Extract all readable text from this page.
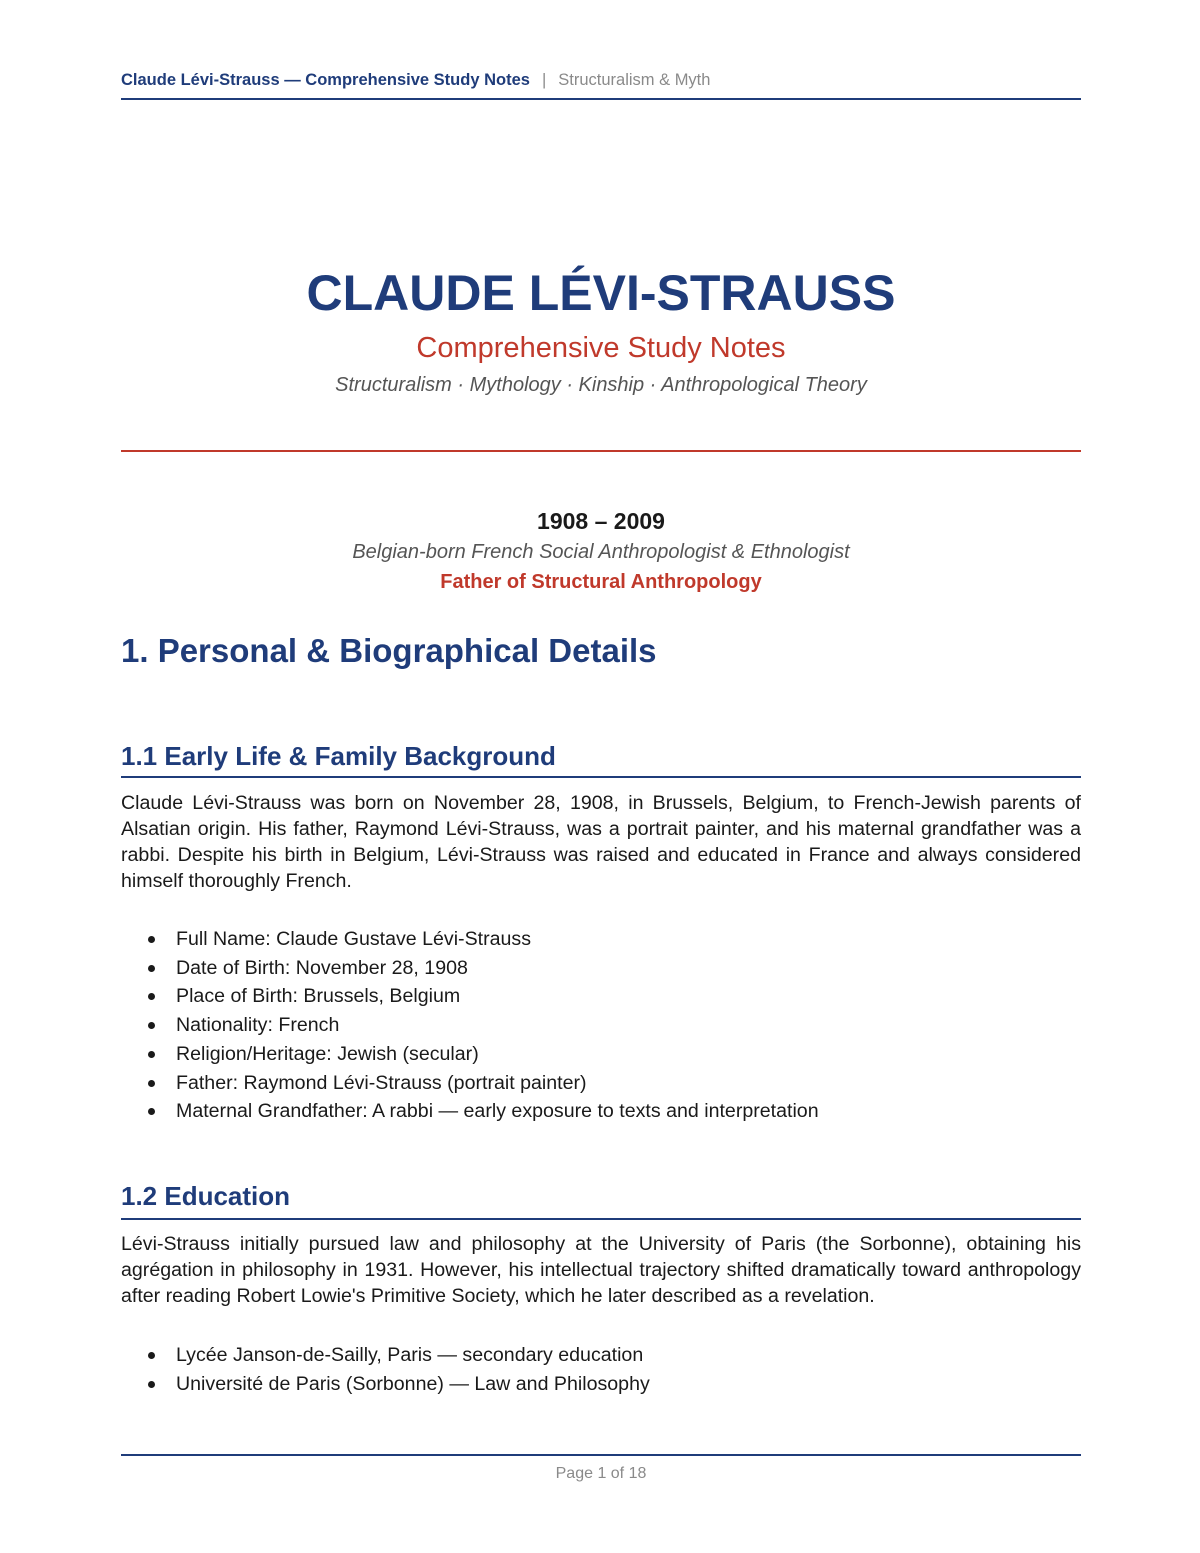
Claude Lévi-Strauss — Comprehensive Study Notes | Structuralism & Myth
CLAUDE LÉVI-STRAUSS

Comprehensive Study Notes

Structuralism · Mythology · Kinship · Anthropological Theory

1908 – 2009
Belgian-born French Social Anthropologist & Ethnologist
Father of Structural Anthropology
1. Personal & Biographical Details
1.1 Early Life & Family Background

Claude Lévi-Strauss was born on November 28, 1908, in Brussels, Belgium, to French-Jewish parents of Alsatian origin. His father, Raymond Lévi-Strauss, was a portrait painter, and his maternal grandfather was a rabbi. Despite his birth in Belgium, Lévi-Strauss was raised and educated in France and always considered himself thoroughly French.

Full Name: Claude Gustave Lévi-Strauss
Date of Birth: November 28, 1908
Place of Birth: Brussels, Belgium
Nationality: French
Religion/Heritage: Jewish (secular)
Father: Raymond Lévi-Strauss (portrait painter)
Maternal Grandfather: A rabbi — early exposure to texts and interpretation
1.2 Education

Lévi-Strauss initially pursued law and philosophy at the University of Paris (the Sorbonne), obtaining his agrégation in philosophy in 1931. However, his intellectual trajectory shifted dramatically toward anthropology after reading Robert Lowie's Primitive Society, which he later described as a revelation.

Lycée Janson-de-Sailly, Paris — secondary education
Université de Paris (Sorbonne) — Law and Philosophy
Page 1 of 18
